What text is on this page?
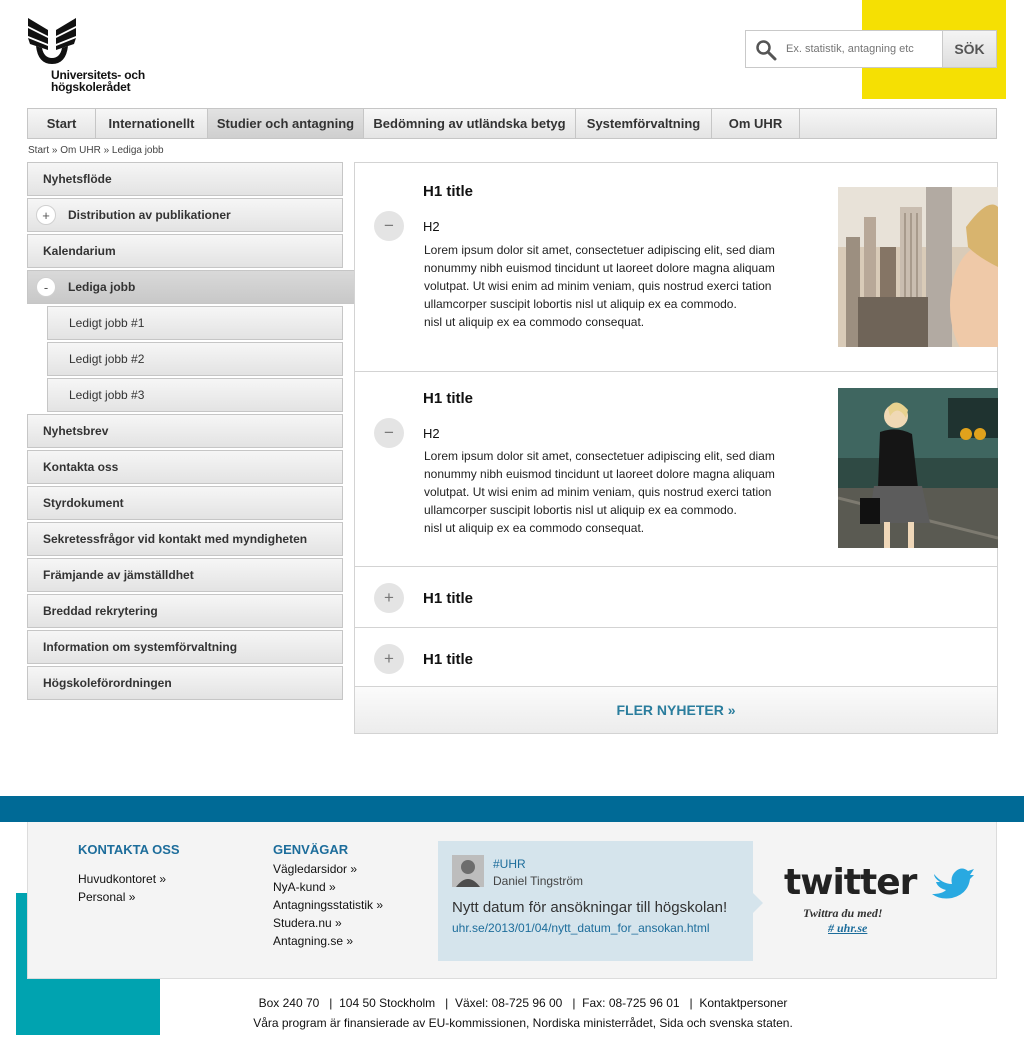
Universitets- och
högskolerådet
Ex. statistik, antagning etc
SÖK
Start	Internationellt	Studier och antagning	Bedömning av utländska betyg	Systemförvaltning	Om UHR
Start » Om UHR » Lediga jobb
Nyhetsflöde
+	Distribution av publikationer
Kalendarium
-	Lediga jobb
Ledigt jobb #1
Ledigt jobb #2
Ledigt jobb #3
Nyhetsbrev
Kontakta oss
Styrdokument
Sekretessfrågor vid kontakt med myndigheten
Främjande av jämställdhet
Breddad rekrytering
Information om systemförvaltning
Högskoleförordningen
H1 title
−	H2
Lorem ipsum dolor sit amet, consectetuer adipiscing elit, sed diam
nonummy nibh euismod tincidunt ut laoreet dolore magna aliquam
volutpat. Ut wisi enim ad minim veniam, quis nostrud exerci tation
ullamcorper suscipit lobortis nisl ut aliquip ex ea commodo.
nisl ut aliquip ex ea commodo consequat.
H1 title
−	H2
Lorem ipsum dolor sit amet, consectetuer adipiscing elit, sed diam
nonummy nibh euismod tincidunt ut laoreet dolore magna aliquam
volutpat. Ut wisi enim ad minim veniam, quis nostrud exerci tation
ullamcorper suscipit lobortis nisl ut aliquip ex ea commodo.
nisl ut aliquip ex ea commodo consequat.
+	H1 title
+	H1 title
FLER NYHETER »
KONTAKTA OSS
Huvudkontoret »
Personal »
GENVÄGAR
Vägledarsidor »
NyA-kund »
Antagningsstatistik »
Studera.nu »
Antagning.se »
#UHR
Daniel Tingström
Nytt datum för ansökningar till högskolan!
uhr.se/2013/01/04/nytt_datum_for_ansokan.html
twitter
Twittra du med!
# uhr.se
Box 240 70   |  104 50 Stockholm   |  Växel: 08-725 96 00   |  Fax: 08-725 96 01   |  Kontaktpersoner
Våra program är finansierade av EU-kommissionen, Nordiska ministerrådet, Sida och svenska staten.
